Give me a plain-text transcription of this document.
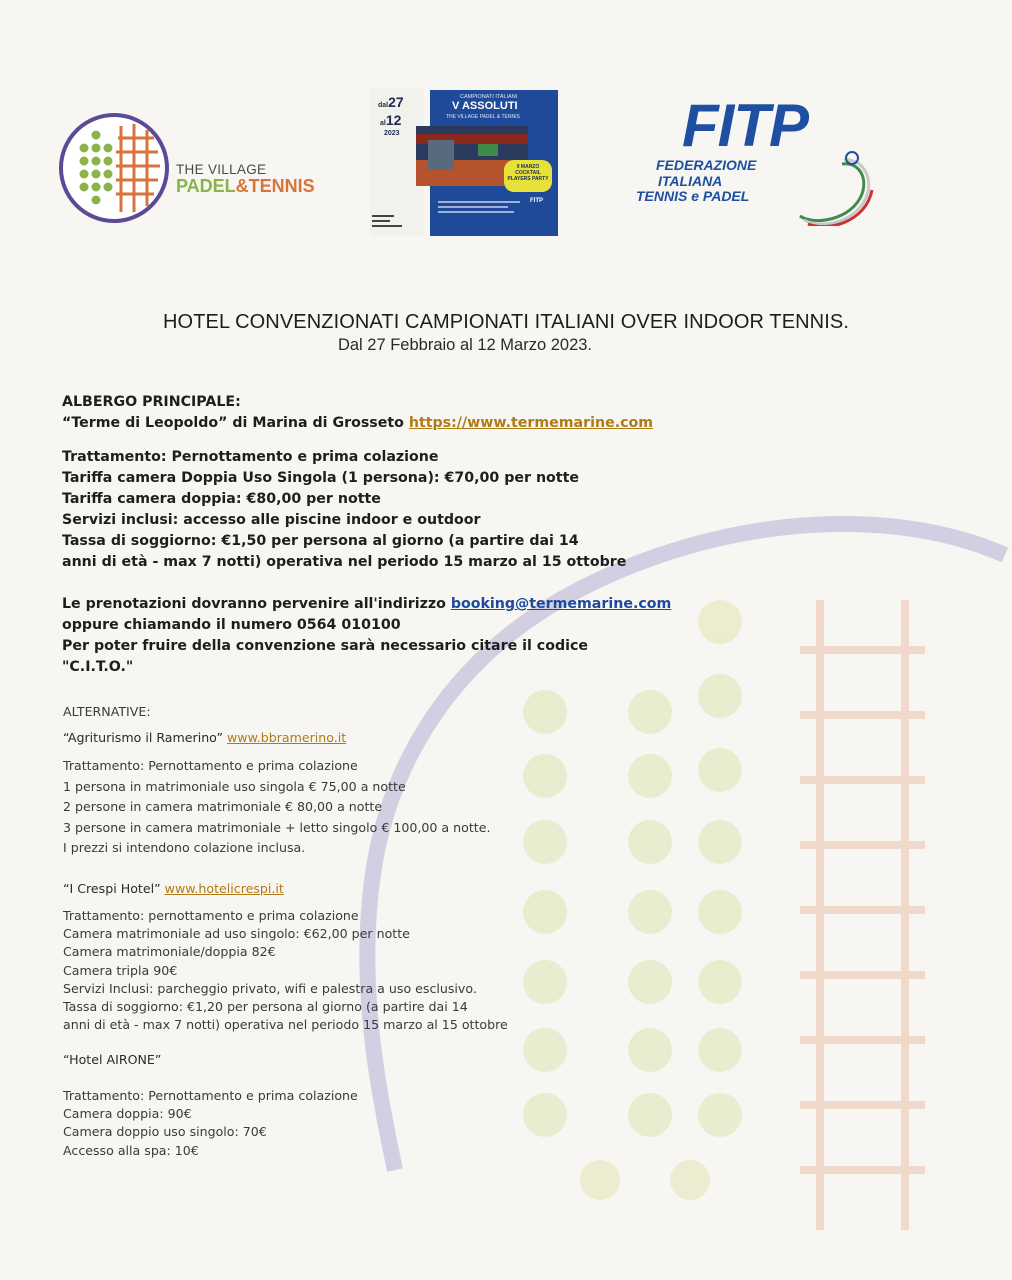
THE VILLAGE
PADEL&TENNIS
dal27
al12
2023
CAMPIONATI ITALIANI
V ASSOLUTI
THE VILLAGE PADEL & TENNIS
9 MARZO COCKTAIL PLAYERS PARTY
FITP
FITP
FEDERAZIONE
ITALIANA
TENNIS e PADEL
HOTEL CONVENZIONATI CAMPIONATI ITALIANI OVER INDOOR TENNIS.
Dal 27 Febbraio al 12 Marzo 2023.
ALBERGO PRINCIPALE:
“Terme di Leopoldo” di Marina di Grosseto https://www.termemarine.com
Trattamento: Pernottamento e prima colazione
Tariffa camera Doppia Uso Singola (1 persona): €70,00 per notte
Tariffa camera doppia: €80,00 per notte
Servizi inclusi: accesso alle piscine indoor e outdoor
Tassa di soggiorno: €1,50 per persona al giorno (a partire dai 14
anni di età - max 7 notti) operativa nel periodo 15 marzo al 15 ottobre
Le prenotazioni dovranno pervenire all'indirizzo booking@termemarine.com
oppure chiamando il numero 0564 010100
Per poter fruire della convenzione sarà necessario citare il codice
"C.I.T.O."
ALTERNATIVE:
“Agriturismo il Ramerino” www.bbramerino.it
Trattamento: Pernottamento e prima colazione
1 persona in matrimoniale uso singola € 75,00 a notte
2 persone in camera matrimoniale € 80,00 a notte
3 persone in camera matrimoniale + letto singolo € 100,00 a notte.
I prezzi si intendono colazione inclusa.
“I Crespi Hotel” www.hotelicrespi.it
Trattamento: pernottamento e prima colazione
Camera matrimoniale ad uso singolo: €62,00 per notte
Camera matrimoniale/doppia 82€
Camera tripla 90€
Servizi Inclusi: parcheggio privato, wifi e palestra a uso esclusivo.
Tassa di soggiorno: €1,20 per persona al giorno (a partire dai 14
anni di età - max 7 notti) operativa nel periodo 15 marzo al 15 ottobre
“Hotel AIRONE”
Trattamento: Pernottamento e prima colazione
Camera doppia: 90€
Camera doppio uso singolo: 70€
Accesso alla spa: 10€
